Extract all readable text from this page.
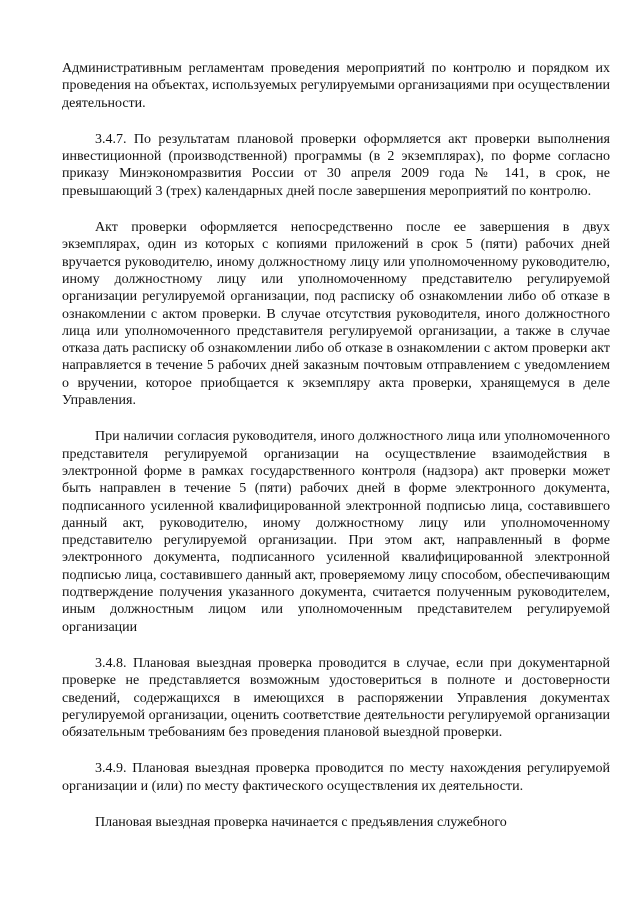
Административным регламентам проведения мероприятий по контролю и порядком их проведения на объектах, используемых регулируемыми организациями при осуществлении деятельности.

3.4.7. По результатам плановой проверки оформляется акт проверки выполнения инвестиционной (производственной) программы (в 2 экземплярах), по форме согласно приказу Минэкономразвития России от 30 апреля 2009 года № 141, в срок, не превышающий 3 (трех) календарных дней после завершения мероприятий по контролю.

Акт проверки оформляется непосредственно после ее завершения в двух экземплярах, один из которых с копиями приложений в срок 5 (пяти) рабочих дней вручается руководителю, иному должностному лицу или уполномоченному руководителю, иному должностному лицу или уполномоченному представителю регулируемой организации регулируемой организации, под расписку об ознакомлении либо об отказе в ознакомлении с актом проверки. В случае отсутствия руководителя, иного должностного лица или уполномоченного представителя регулируемой организации, а также в случае отказа дать расписку об ознакомлении либо об отказе в ознакомлении с актом проверки акт направляется в течение 5 рабочих дней заказным почтовым отправлением с уведомлением о вручении, которое приобщается к экземпляру акта проверки, хранящемуся в деле Управления.

При наличии согласия руководителя, иного должностного лица или уполномоченного представителя регулируемой организации на осуществление взаимодействия в электронной форме в рамках государственного контроля (надзора) акт проверки может быть направлен в течение 5 (пяти) рабочих дней в форме электронного документа, подписанного усиленной квалифицированной электронной подписью лица, составившего данный акт, руководителю, иному должностному лицу или уполномоченному представителю регулируемой организации. При этом акт, направленный в форме электронного документа, подписанного усиленной квалифицированной электронной подписью лица, составившего данный акт, проверяемому лицу способом, обеспечивающим подтверждение получения указанного документа, считается полученным руководителем, иным должностным лицом или уполномоченным представителем регулируемой организации

3.4.8. Плановая выездная проверка проводится в случае, если при документарной проверке не представляется возможным удостовериться в полноте и достоверности сведений, содержащихся в имеющихся в распоряжении Управления документах регулируемой организации, оценить соответствие деятельности регулируемой организации обязательным требованиям без проведения плановой выездной проверки.

3.4.9. Плановая выездная проверка проводится по месту нахождения регулируемой организации и (или) по месту фактического осуществления их деятельности.

Плановая выездная проверка начинается с предъявления служебного
